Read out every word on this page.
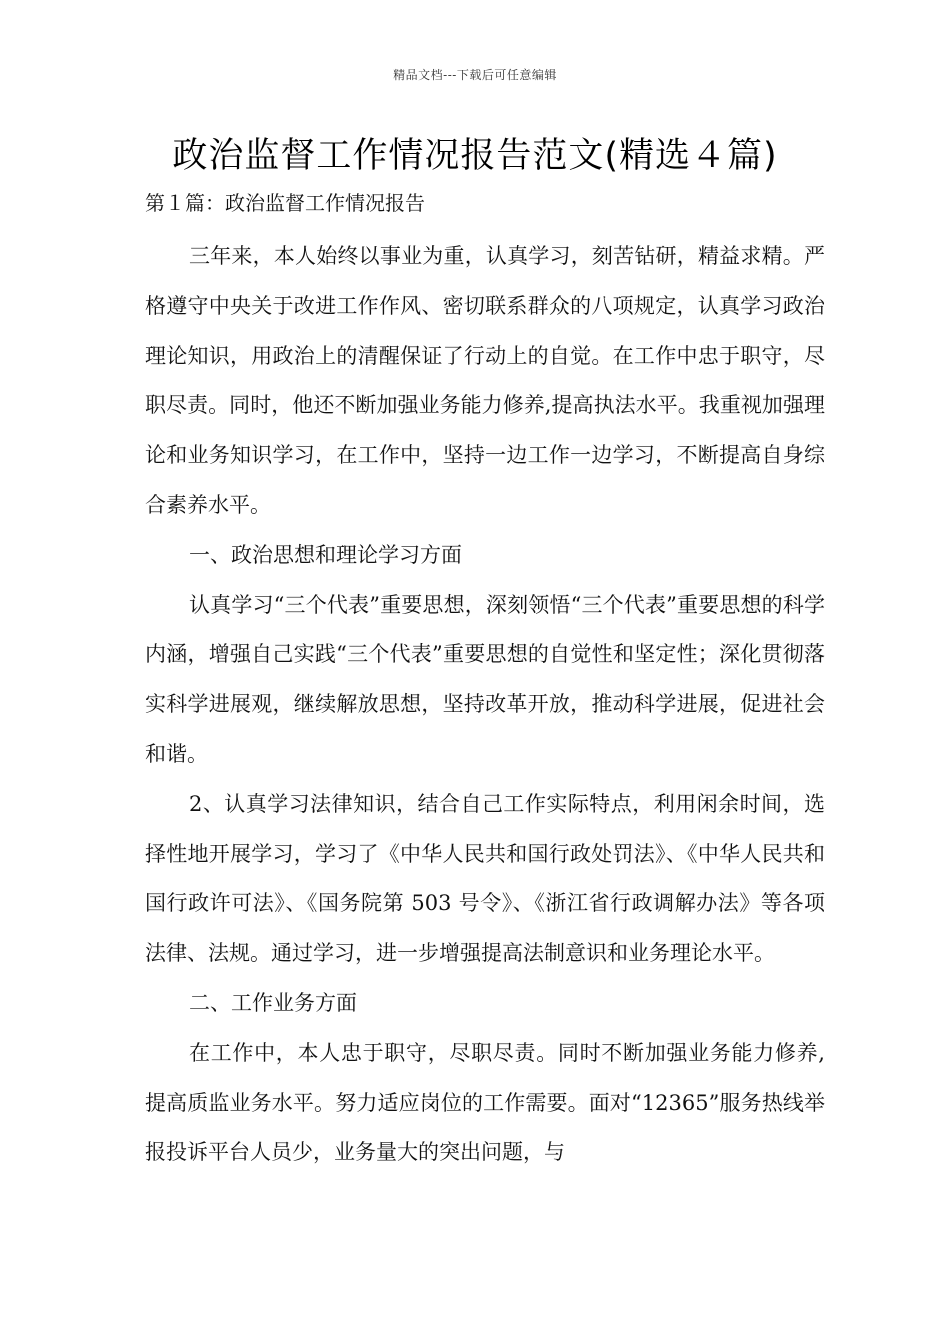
精品文档---下载后可任意编辑
政治监督工作情况报告范文(精选４篇)

第１篇：政治监督工作情况报告

三年来，本人始终以事业为重，认真学习，刻苦钻研，精益求精。严格遵守中央关于改进工作作风、密切联系群众的八项规定，认真学习政治理论知识，用政治上的清醒保证了行动上的自觉。在工作中忠于职守，尽职尽责。同时，他还不断加强业务能力修养,提高执法水平。我重视加强理论和业务知识学习，在工作中，坚持一边工作一边学习，不断提高自身综合素养水平。

一、政治思想和理论学习方面

认真学习“三个代表”重要思想，深刻领悟“三个代表”重要思想的科学内涵，增强自己实践“三个代表”重要思想的自觉性和坚定性；深化贯彻落实科学进展观，继续解放思想，坚持改革开放，推动科学进展，促进社会和谐。

2、认真学习法律知识，结合自己工作实际特点，利用闲余时间，选择性地开展学习，学习了《中华人民共和国行政处罚法》、《中华人民共和国行政许可法》、《国务院第 503 号令》、《浙江省行政调解办法》等各项法律、法规。通过学习，进一步增强提高法制意识和业务理论水平。

二、工作业务方面

在工作中，本人忠于职守，尽职尽责。同时不断加强业务能力修养,提高质监业务水平。努力适应岗位的工作需要。面对“12365”服务热线举报投诉平台人员少，业务量大的突出问题，与
